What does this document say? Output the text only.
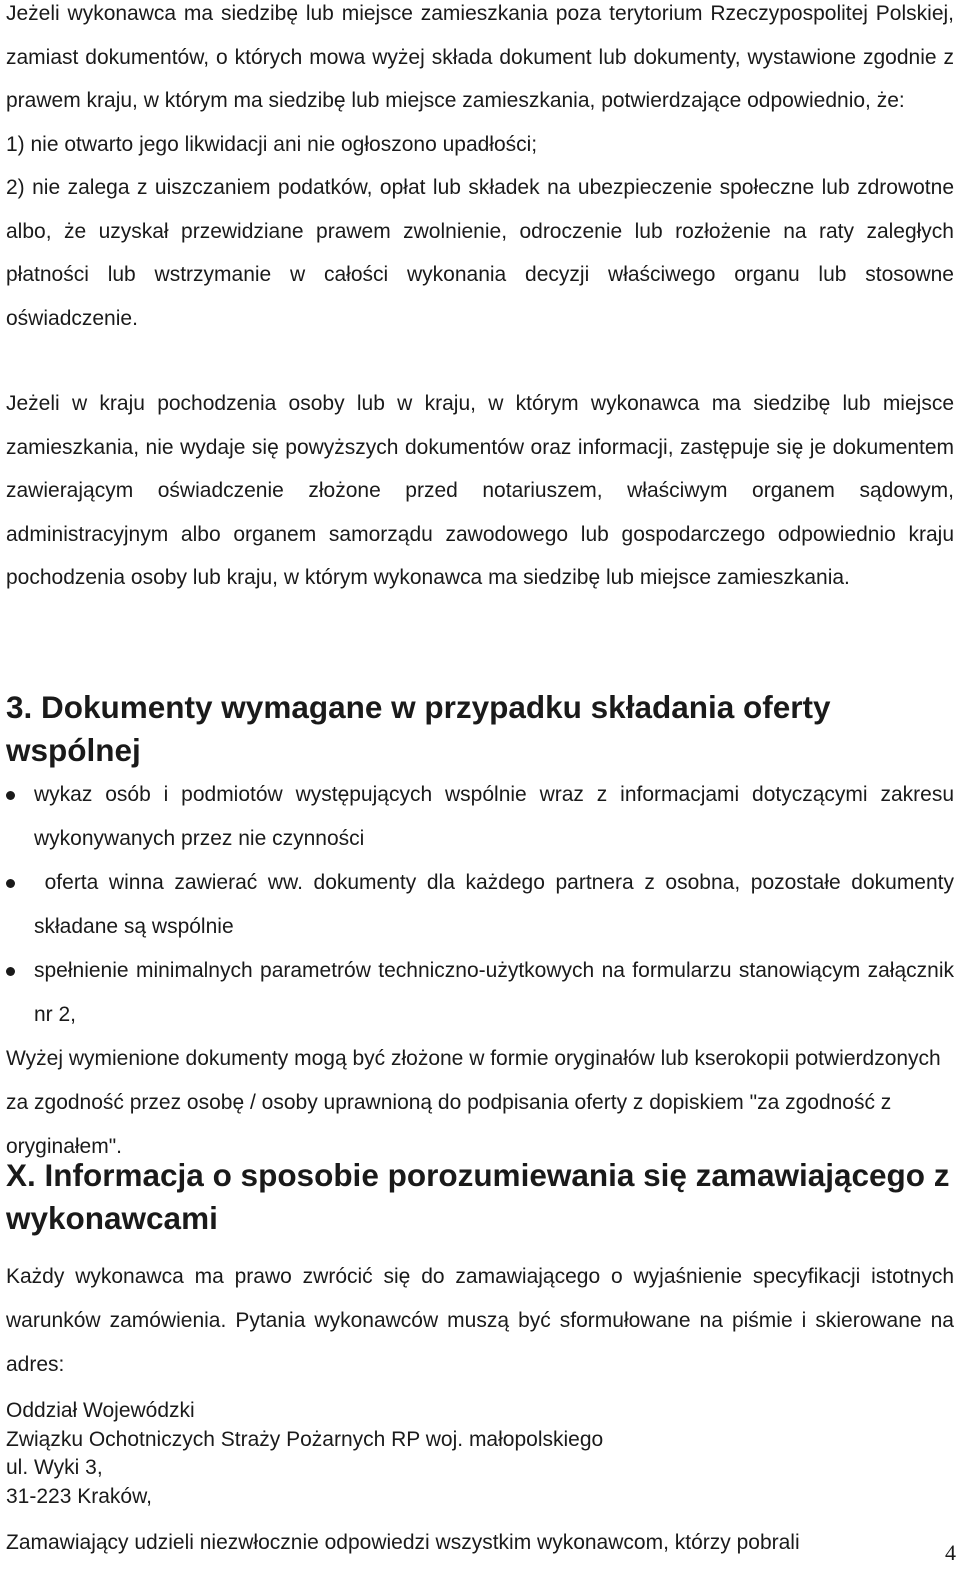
Jeżeli wykonawca ma siedzibę lub miejsce zamieszkania poza terytorium Rzeczypospolitej Polskiej, zamiast dokumentów, o których mowa wyżej składa dokument lub dokumenty, wystawione zgodnie z prawem kraju, w którym ma siedzibę lub miejsce zamieszkania, potwierdzające odpowiednio, że:

1) nie otwarto jego likwidacji ani nie ogłoszono upadłości;

2) nie zalega z uiszczaniem podatków, opłat lub składek na ubezpieczenie społeczne lub zdrowotne albo, że uzyskał przewidziane prawem zwolnienie, odroczenie lub rozłożenie na raty zaległych płatności lub wstrzymanie w całości wykonania decyzji właściwego organu lub stosowne oświadczenie.

Jeżeli w kraju pochodzenia osoby lub w kraju, w którym wykonawca ma siedzibę lub miejsce zamieszkania, nie wydaje się powyższych dokumentów oraz informacji, zastępuje się je dokumentem zawierającym oświadczenie złożone przed notariuszem, właściwym organem sądowym, administracyjnym albo organem samorządu zawodowego lub gospodarczego odpowiednio kraju pochodzenia osoby lub kraju, w którym wykonawca ma siedzibę lub miejsce zamieszkania.

3. Dokumenty wymagane w przypadku składania oferty wspólnej
wykaz osób i podmiotów występujących wspólnie wraz z informacjami dotyczącymi zakresu wykonywanych przez nie czynności
oferta winna zawierać ww. dokumenty dla każdego partnera z osobna, pozostałe dokumenty składane są wspólnie
spełnienie minimalnych parametrów techniczno-użytkowych na formularzu stanowiącym załącznik nr 2,

Wyżej wymienione dokumenty mogą być złożone w formie oryginałów lub kserokopii potwierdzonych za zgodność przez osobę / osoby uprawnioną do podpisania oferty z dopiskiem "za zgodność z oryginałem".

X. Informacja o sposobie porozumiewania się zamawiającego z wykonawcami

Każdy wykonawca ma prawo zwrócić się do zamawiającego o wyjaśnienie specyfikacji istotnych warunków zamówienia. Pytania wykonawców muszą być sformułowane na piśmie i skierowane na adres:

Oddział Wojewódzki
Związku Ochotniczych Straży Pożarnych RP woj. małopolskiego
ul. Wyki 3,
31-223 Kraków,

Zamawiający udzieli niezwłocznie odpowiedzi wszystkim wykonawcom, którzy pobrali	4
